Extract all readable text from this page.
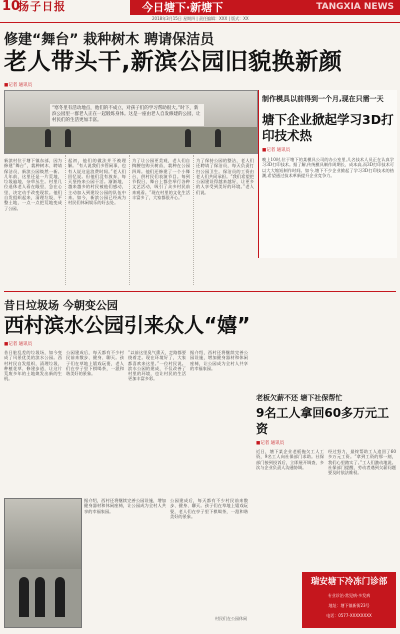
10
扬子日报	今日塘下·新塘下	TANGXIA NEWS
2018年3月15日 星期四 | 责任编辑：XXX | 版式：XX
修建“舞台” 栽种树木 聘请保洁员
老人带头干,新滨公园旧貌换新颜
■记者 通讯员
“寒冬里有活动地点，他们的不成立，对孩子们的学习帮助很大。”时下，新滨公园里一群老人正在一起锻炼身体。这是一座由老人自发修建的公园，让村民们的生活更加丰富。
新滨村位于塘下镇东部，因为修建“舞台”，栽种树木、聘请保洁员，新滨公园焕然一新。几年前，这里还是一片荒地，垃圾遍地，杂草丛生。村里几位退休老人看在眼里，急在心里，决定动手改变现状。他们自发组织起来，清理垃圾，平整土地，一点一点把荒地变成了公园。
起初，他们的做法并不被理解。“有人说我们多管闲事，也有人说这是浪费时间。”老人们回忆说。但他们没有放弃，每天坚持来公园干活。渐渐地，越来越多的村民被他们感动，主动加入到建设公园的队伍中来。如今，新滨公园已经成为村民们休闲娱乐的好去处。
为了让公园更美观，老人们自掏腰包购买树苗，栽种在公园四周。他们还修建了一个小舞台，供村民们表演节目。每到节假日，舞台上都会举行各种文艺活动，吸引了众多村民前来观看。“现在村里的文化生活丰富多了，大家都很开心。”
为了保持公园的整洁，老人们还聘请了保洁员，每天负责打扫公园卫生。保洁员的工资由老人们共同承担。“我们希望把公园建设得越来越好，让更多的人享受到美好的环境。”老人们说。
制作模具以前得到一个月,现在只需一天
塘下企业掀起学习3D打印技术热
■记者 通讯员
晚上10时,位于塘下的某模具公司的办公室里,几名技术人员正在认真学习3D打印技术。据了解,传统模具制作周期长、成本高,而3D打印技术可以大大缩短制作时间。如今,塘下不少企业掀起了学习3D打印技术的热潮,希望通过技术革新提升企业竞争力。
昔日垃圾场 今朝变公园
西村滨水公园引来众人“嬉”
■记者 通讯员
昔日脏乱差的垃圾场，如今变成了风景优美的滨水公园。西村村民自发组织，清理垃圾、种植花草、修建步道，让这片荒废多年的土地焕发出新的生机。
公园建成后，每天都有不少村民前来散步、健身、聊天。孩子们在草地上嬉戏玩耍，老人们在亭子里下棋喝茶，一派和谐美好的景象。
“以前这里臭气熏天，走路都要绕着走。现在环境好了，大家都喜欢来这里。”一位村民说。滨水公园的建成，不仅改善了村里的环境，也让村民的生活更加丰富多彩。
据介绍，西村还将继续完善公园设施，增加健身器材和休闲座椅，让公园成为全村人共享的幸福家园。
据介绍，西村还将继续完善公园设施，增加健身器材和休闲座椅，让公园成为全村人共享的幸福家园。
公园建成后，每天都有不少村民前来散步、健身、聊天。孩子们在草地上嬉戏玩耍，老人们在亭子里下棋喝茶，一派和谐美好的景象。
村民们在公园休闲
老板欠薪不还 塘下社保帮忙
9名工人拿回60多万元工资
■记者 通讯员
近日，塘下某企业老板拖欠工人工资，9名工人向社保部门求助。社保部门接到投诉后，立即展开调查，多次与企业负责人沟通协调。
经过努力，最终帮助工人追回了60多万元工资。“拿到工资的那一刻，我们心里踏实了。”工人们激动地说。社保部门提醒，劳动者遇到欠薪问题要及时依法维权。
瑞安塘下冷冻门诊部
专业诊治·常见病·多发病
地址：塘下镇新街23号
电话：0577-XXXXXXXX
